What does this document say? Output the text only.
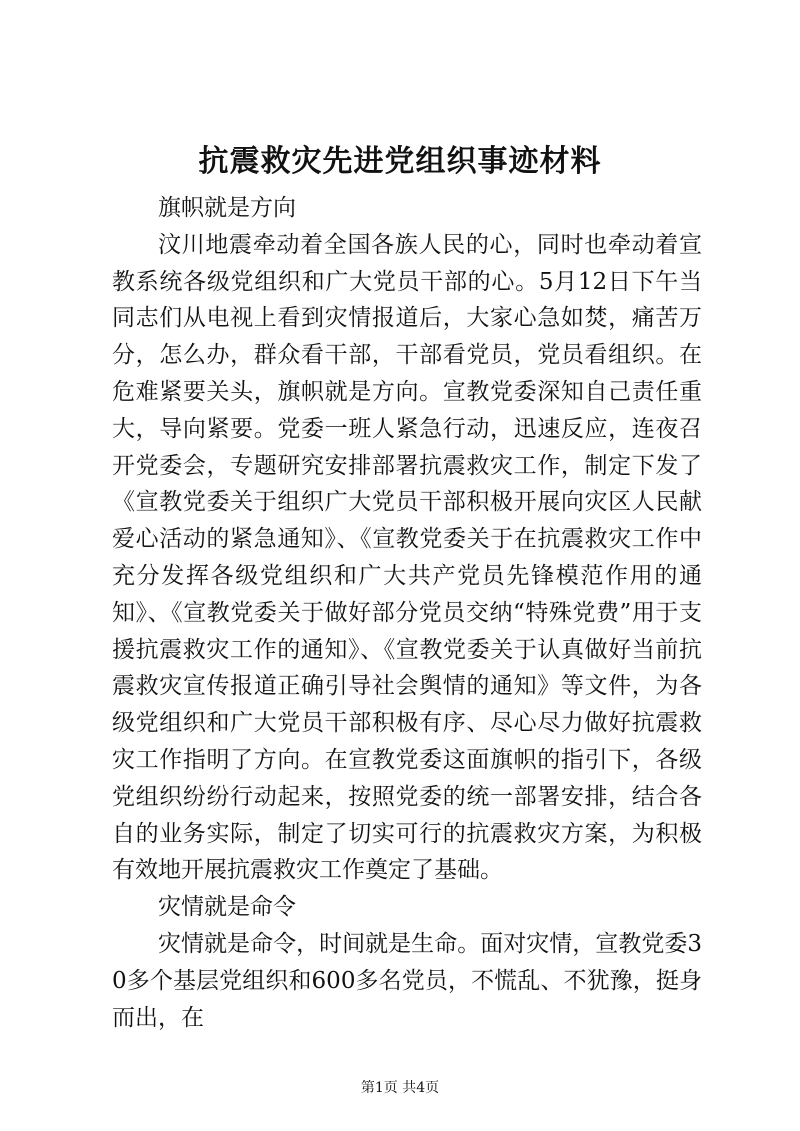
抗震救灾先进党组织事迹材料

旗帜就是方向

汶川地震牵动着全国各族人民的心，同时也牵动着宣教系统各级党组织和广大党员干部的心。5月12日下午当同志们从电视上看到灾情报道后，大家心急如焚，痛苦万分，怎么办，群众看干部，干部看党员，党员看组织。在危难紧要关头，旗帜就是方向。宣教党委深知自己责任重大，导向紧要。党委一班人紧急行动，迅速反应，连夜召开党委会，专题研究安排部署抗震救灾工作，制定下发了《宣教党委关于组织广大党员干部积极开展向灾区人民献爱心活动的紧急通知》、《宣教党委关于在抗震救灾工作中充分发挥各级党组织和广大共产党员先锋模范作用的通知》、《宣教党委关于做好部分党员交纳“特殊党费”用于支援抗震救灾工作的通知》、《宣教党委关于认真做好当前抗震救灾宣传报道正确引导社会舆情的通知》等文件，为各级党组织和广大党员干部积极有序、尽心尽力做好抗震救灾工作指明了方向。在宣教党委这面旗帜的指引下，各级党组织纷纷行动起来，按照党委的统一部署安排，结合各自的业务实际，制定了切实可行的抗震救灾方案，为积极有效地开展抗震救灾工作奠定了基础。

灾情就是命令

灾情就是命令，时间就是生命。面对灾情，宣教党委30多个基层党组织和600多名党员，不慌乱、不犹豫，挺身而出，在

第1页 共4页
